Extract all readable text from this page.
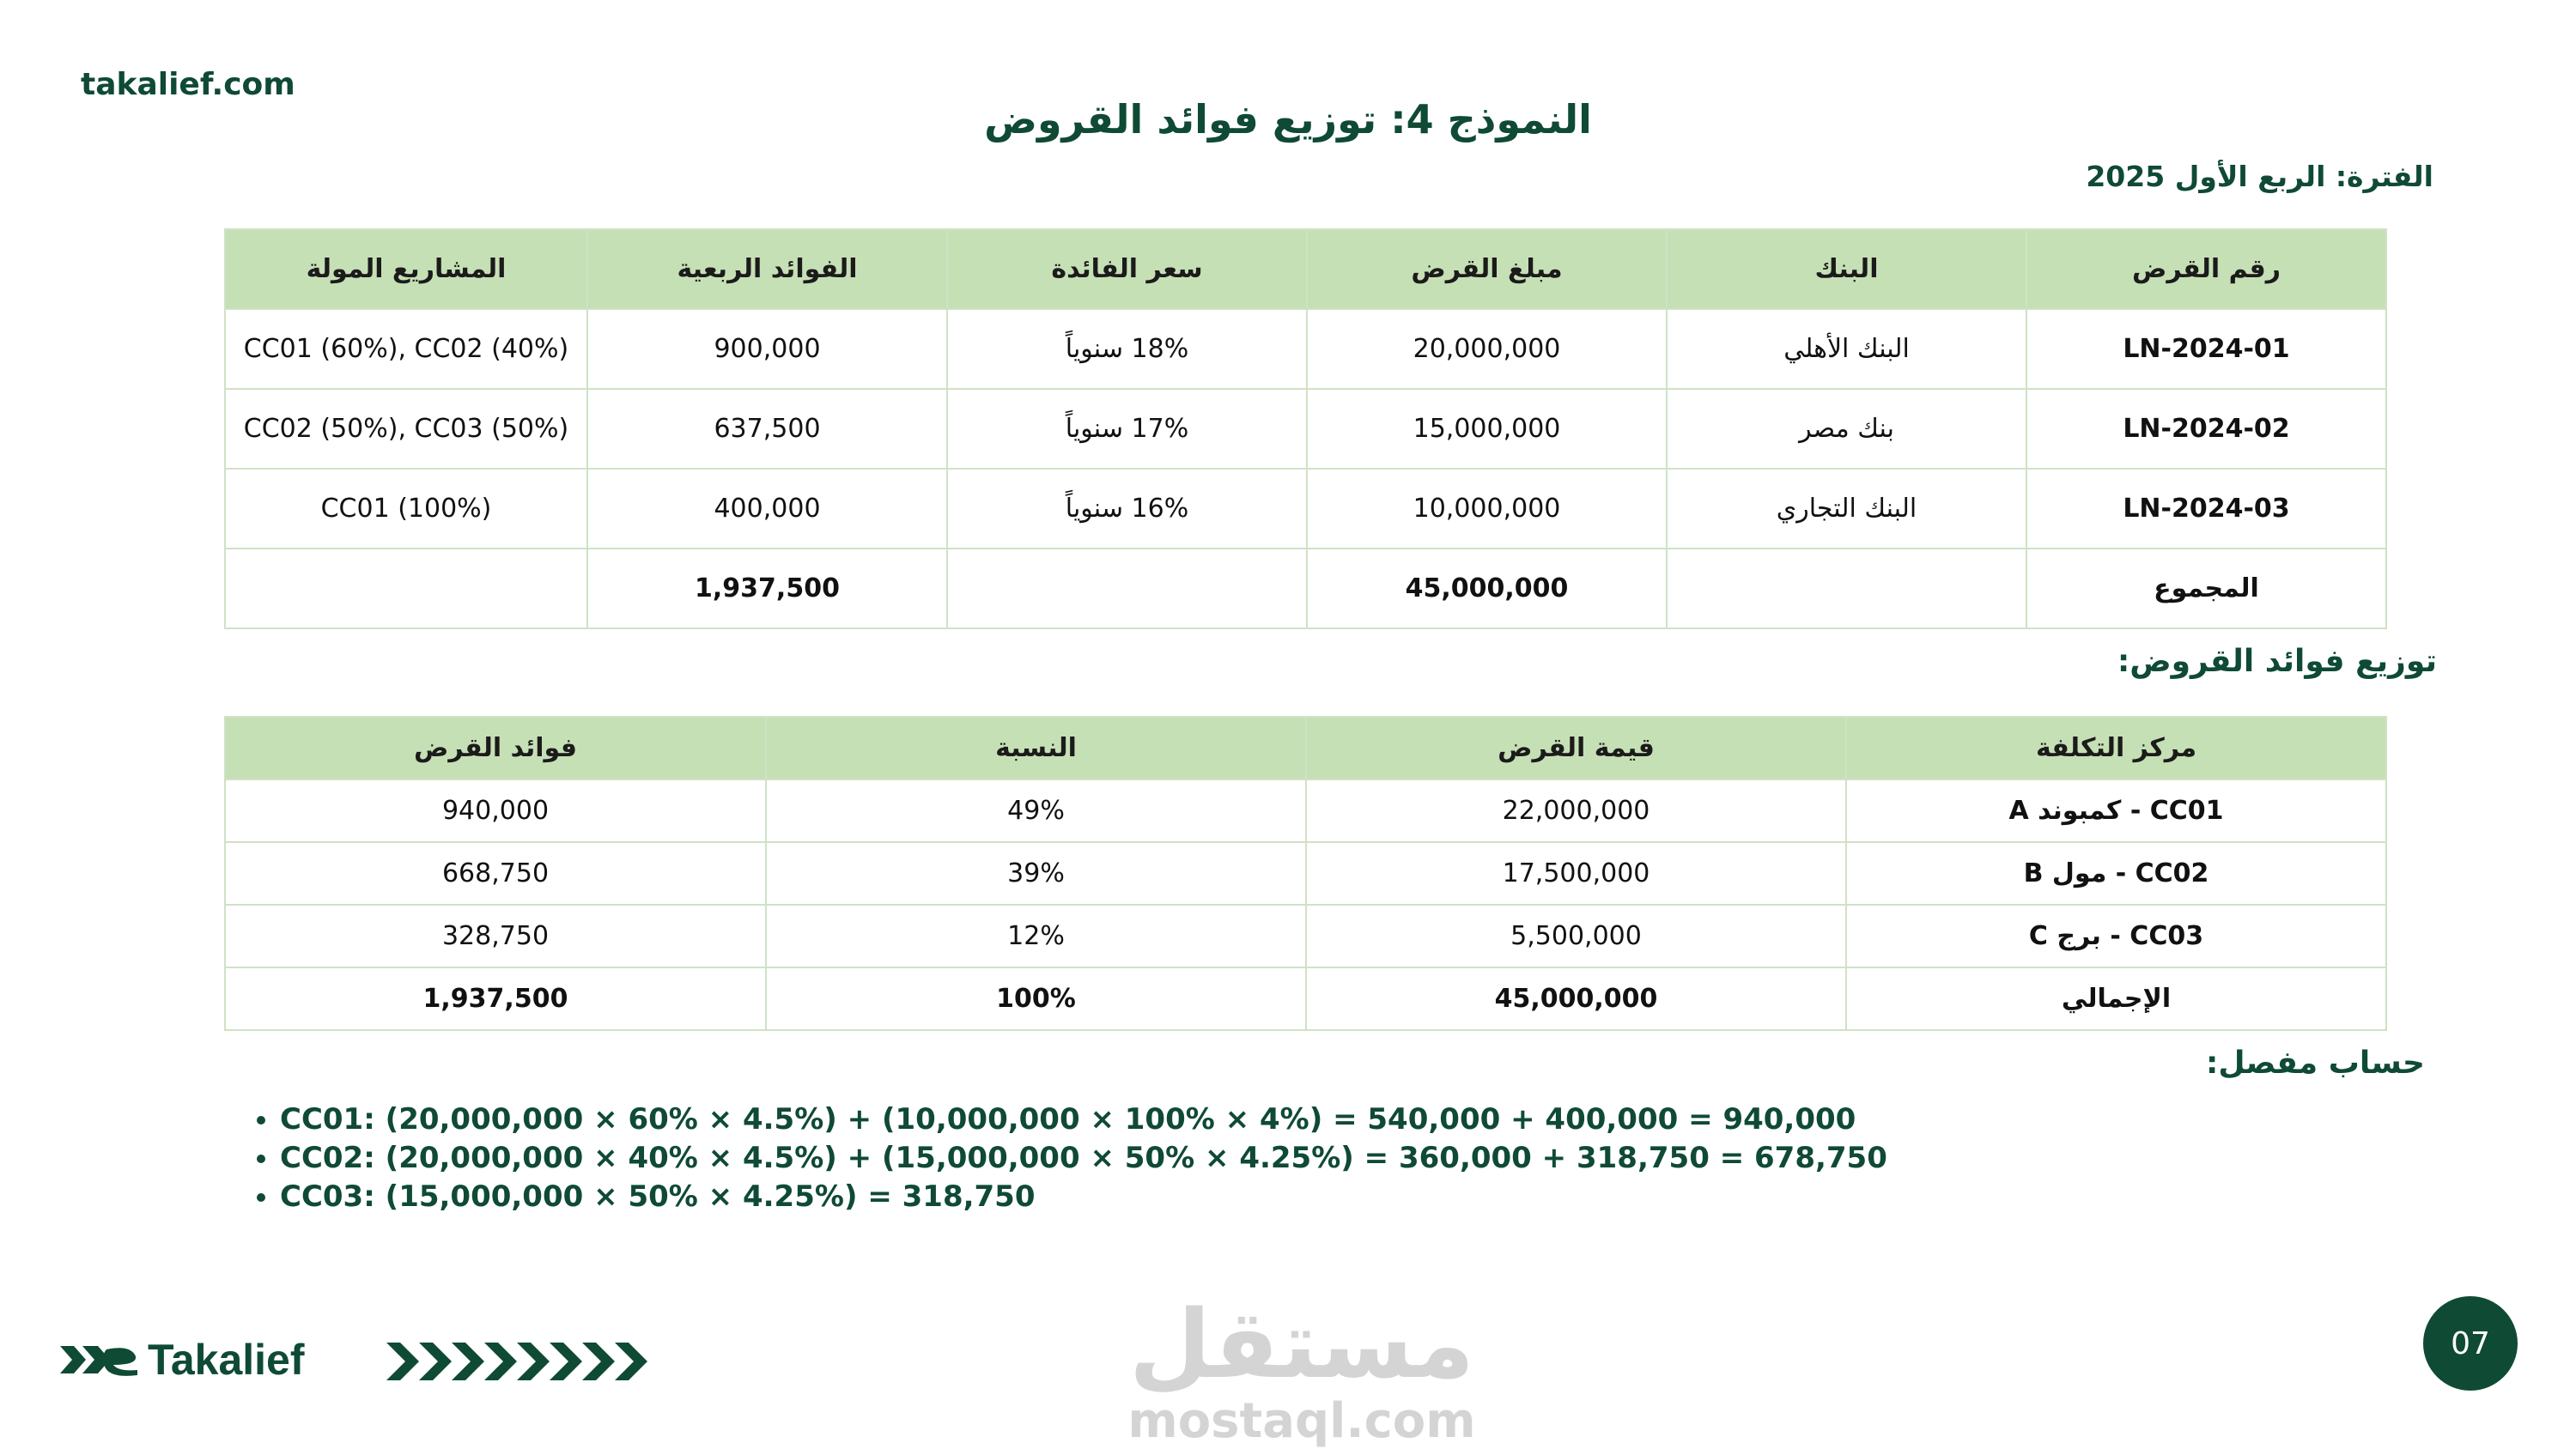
takalief.com
النموذج 4: توزيع فوائد القروض
الفترة: الربع الأول 2025
رقم القرض	البنك	مبلغ القرض	سعر الفائدة	الفوائد الربعية	المشاريع المولة
LN-2024-01	البنك الأهلي	20,000,000	18% سنوياً	900,000	CC01 (60%), CC02 (40%)
LN-2024-02	بنك مصر	15,000,000	17% سنوياً	637,500	CC02 (50%), CC03 (50%)
LN-2024-03	البنك التجاري	10,000,000	16% سنوياً	400,000	CC01 (100%)
المجموع		45,000,000		1,937,500	
توزيع فوائد القروض:
مركز التكلفة	قيمة القرض	النسبة	فوائد القرض
CC01 - كمبوند A	22,000,000	49%	940,000
CC02 - مول B	17,500,000	39%	668,750
CC03 - برج C	5,500,000	12%	328,750
الإجمالي	45,000,000	100%	1,937,500
حساب مفصل:
• CC01: (20,000,000 × 60% × 4.5%) + (10,000,000 × 100% × 4%) = 540,000 + 400,000 = 940,000
• CC02: (20,000,000 × 40% × 4.5%) + (15,000,000 × 50% × 4.25%) = 360,000 + 318,750 = 678,750
• CC03: (15,000,000 × 50% × 4.25%) = 318,750
Takalief	مستقل
mostaql.com
07
